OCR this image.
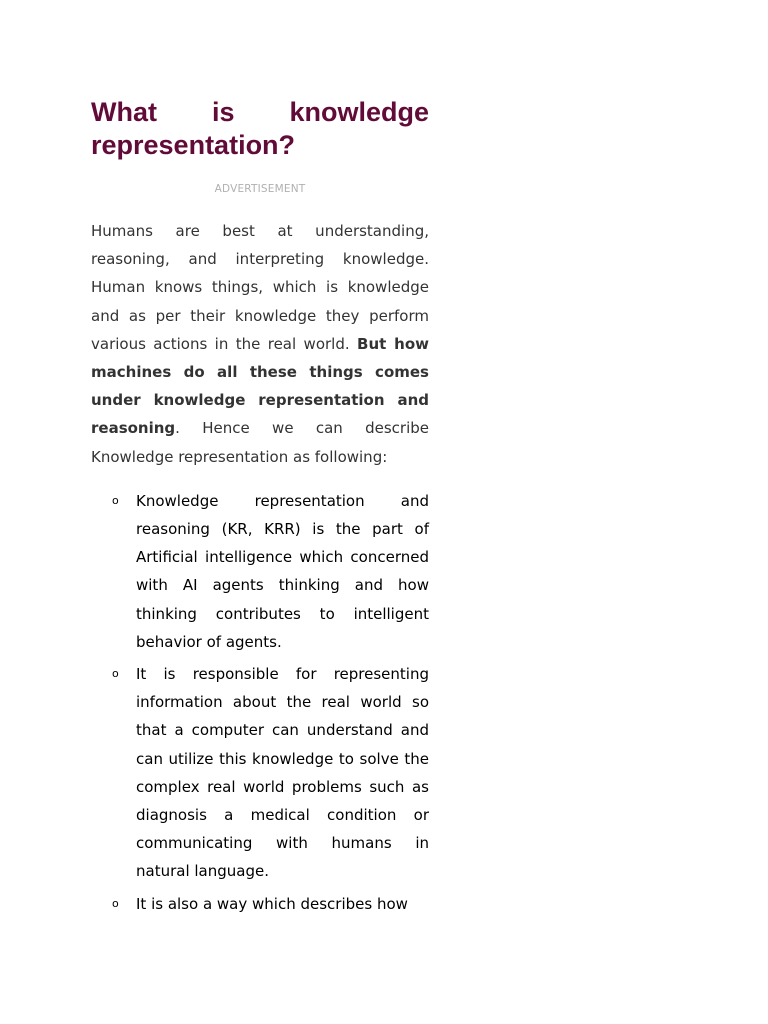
What is knowledge representation?
ADVERTISEMENT

Humans are best at understanding, reasoning, and interpreting knowledge. Human knows things, which is knowledge and as per their knowledge they perform various actions in the real world. But how machines do all these things comes under knowledge representation and reasoning. Hence we can describe Knowledge representation as following:

o Knowledge representation and reasoning (KR, KRR) is the part of Artificial intelligence which concerned with AI agents thinking and how thinking contributes to intelligent behavior of agents.
o It is responsible for representing information about the real world so that a computer can understand and can utilize this knowledge to solve the complex real world problems such as diagnosis a medical condition or communicating with humans in natural language.
o It is also a way which describes how
